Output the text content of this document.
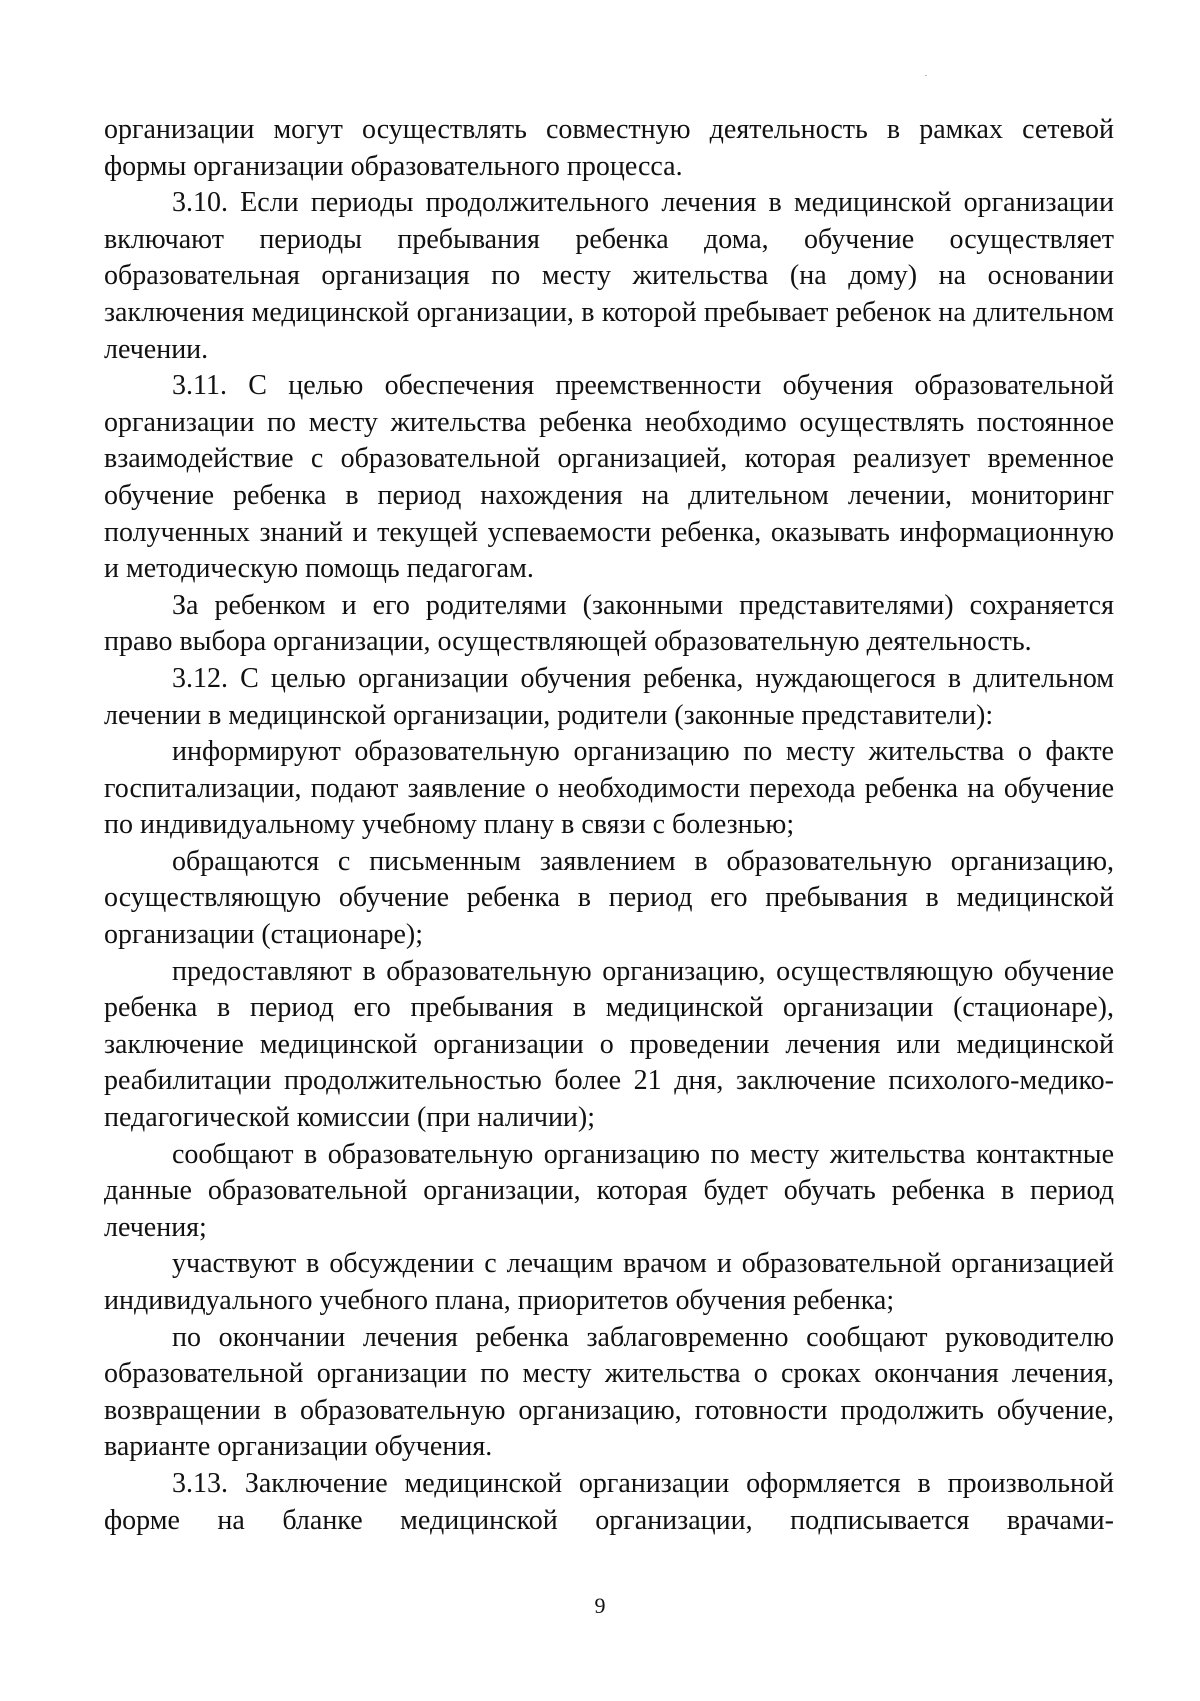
организации могут осуществлять совместную деятельность в рамках сетевой формы организации образовательного процесса.

3.10. Если периоды продолжительного лечения в медицинской организации включают периоды пребывания ребенка дома, обучение осуществляет образовательная организация по месту жительства (на дому) на основании заключения медицинской организации, в которой пребывает ребенок на длительном лечении.

3.11. С целью обеспечения преемственности обучения образовательной организации по месту жительства ребенка необходимо осуществлять постоянное взаимодействие с образовательной организацией, которая реализует временное обучение ребенка в период нахождения на длительном лечении, мониторинг полученных знаний и текущей успеваемости ребенка, оказывать информационную и методическую помощь педагогам.

За ребенком и его родителями (законными представителями) сохраняется право выбора организации, осуществляющей образовательную деятельность.

3.12. С целью организации обучения ребенка, нуждающегося в длительном лечении в медицинской организации, родители (законные представители):

информируют образовательную организацию по месту жительства о факте госпитализации, подают заявление о необходимости перехода ребенка на обучение по индивидуальному учебному плану в связи с болезнью;

обращаются с письменным заявлением в образовательную организацию, осуществляющую обучение ребенка в период его пребывания в медицинской организации (стационаре);

предоставляют в образовательную организацию, осуществляющую обучение ребенка в период его пребывания в медицинской организации (стационаре), заключение медицинской организации о проведении лечения или медицинской реабилитации продолжительностью более 21 дня, заключение психолого-медико-педагогической комиссии (при наличии);

сообщают в образовательную организацию по месту жительства контактные данные образовательной организации, которая будет обучать ребенка в период лечения;

участвуют в обсуждении с лечащим врачом и образовательной организацией индивидуального учебного плана, приоритетов обучения ребенка;

по окончании лечения ребенка заблаговременно сообщают руководителю образовательной организации по месту жительства о сроках окончания лечения, возвращении в образовательную организацию, готовности продолжить обучение, варианте организации обучения.

3.13. Заключение медицинской организации оформляется в произвольной форме на бланке медицинской организации, подписывается врачами-

9
